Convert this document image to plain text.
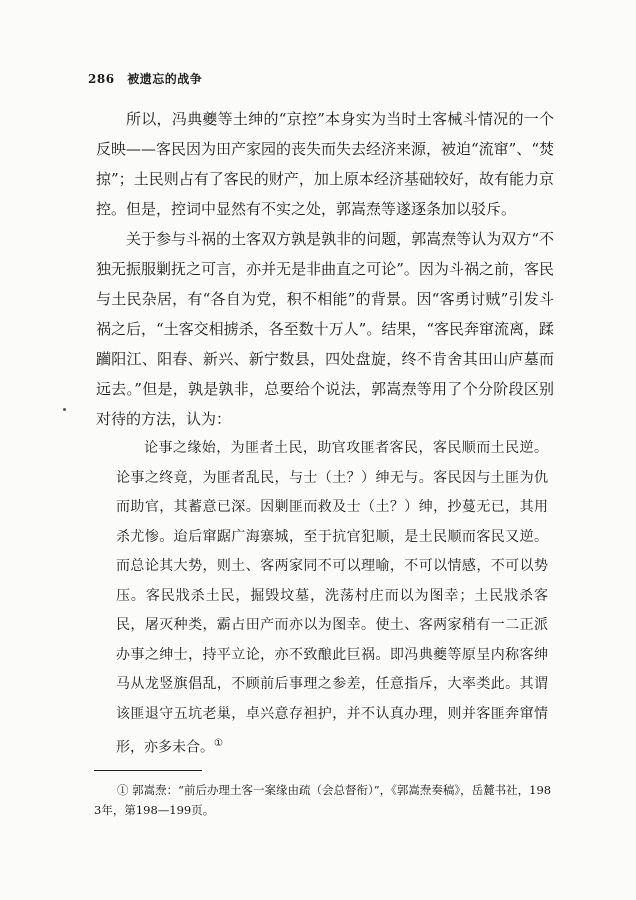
286 被遗忘的战争

所以，冯典夔等土绅的“京控”本身实为当时土客械斗情况的一个反映——客民因为田产家园的丧失而失去经济来源，被迫“流窜”、“焚掠”；土民则占有了客民的财产，加上原本经济基础较好，故有能力京控。但是，控词中显然有不实之处，郭嵩焘等遂逐条加以驳斥。

关于参与斗祸的土客双方孰是孰非的问题，郭嵩焘等认为双方“不独无振服剿抚之可言，亦并无是非曲直之可论”。因为斗祸之前，客民与土民杂居，有“各自为党，积不相能”的背景。因“客勇讨贼”引发斗祸之后，“土客交相掳杀，各至数十万人”。结果，“客民奔窜流离，蹂躏阳江、阳春、新兴、新宁数县，四处盘旋，终不肯舍其田山庐墓而远去。”但是，孰是孰非，总要给个说法，郭嵩焘等用了个分阶段区别对待的方法，认为：

论事之缘始，为匪者土民，助官攻匪者客民，客民顺而土民逆。论事之终竟，为匪者乱民，与士（土？）绅无与。客民因与土匪为仇而助官，其蓄意已深。因剿匪而救及士（土？）绅，抄蔓无已，其用杀尤惨。迨后窜踞广海寨城，至于抗官犯顺，是土民顺而客民又逆。而总论其大势，则土、客两家同不可以理喻，不可以情感，不可以势压。客民戕杀土民，掘毁坟墓，洗荡村庄而以为图幸；土民戕杀客民，屠灭种类，霸占田产而亦以为图幸。使土、客两家稍有一二正派办事之绅士，持平立论，亦不致酿此巨祸。即冯典夔等原呈内称客绅马从龙竖旗倡乱，不顾前后事理之参差，任意指斥，大率类此。其谓该匪退守五坑老巢，卓兴意存袒护，并不认真办理，则并客匪奔窜情形，亦多未合。①

① 郭嵩焘：“前后办理土客一案缘由疏（会总督衔）”，《郭嵩焘奏稿》，岳麓书社，1983年，第198—199页。
